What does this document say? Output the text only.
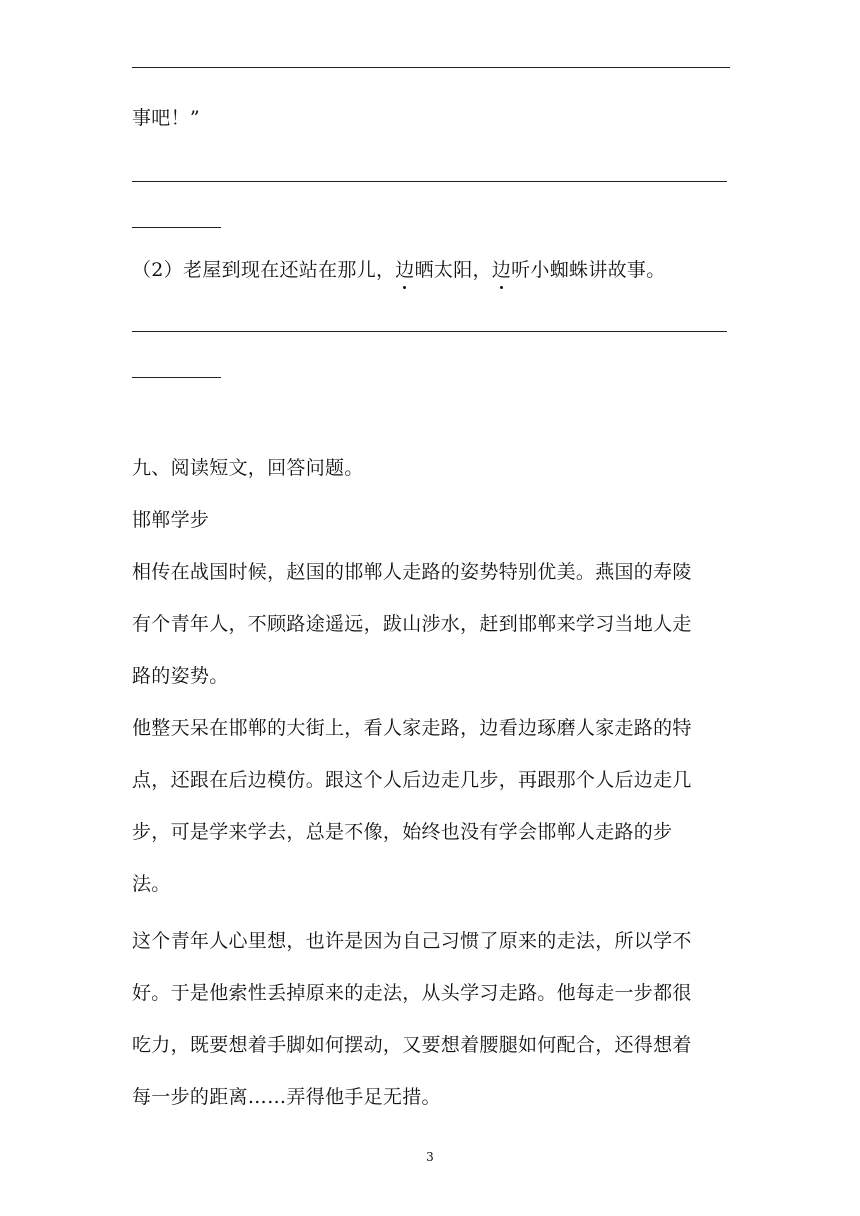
事吧！”
（2）老屋到现在还站在那儿，边晒太阳，边听小蜘蛛讲故事。
九、阅读短文，回答问题。
邯郸学步
相传在战国时候，赵国的邯郸人走路的姿势特别优美。燕国的寿陵
有个青年人，不顾路途遥远，跋山涉水，赶到邯郸来学习当地人走
路的姿势。
他整天呆在邯郸的大街上，看人家走路，边看边琢磨人家走路的特
点，还跟在后边模仿。跟这个人后边走几步，再跟那个人后边走几
步，可是学来学去，总是不像，始终也没有学会邯郸人走路的步
法。
这个青年人心里想，也许是因为自己习惯了原来的走法，所以学不
好。于是他索性丢掉原来的走法，从头学习走路。他每走一步都很
吃力，既要想着手脚如何摆动，又要想着腰腿如何配合，还得想着
每一步的距离……弄得他手足无措。
3
